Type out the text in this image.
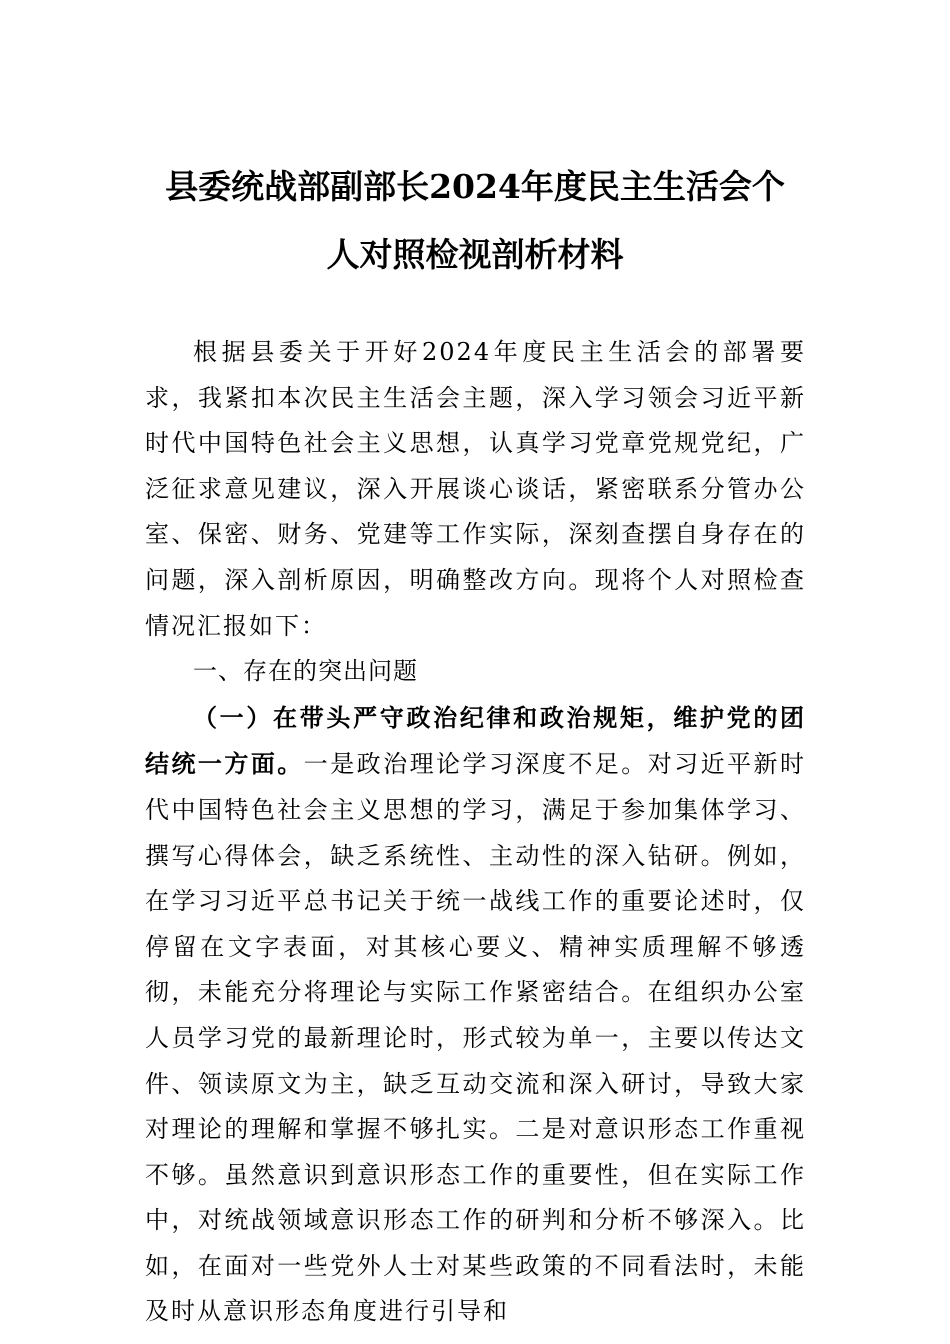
县委统战部副部长2024年度民主生活会个
人对照检视剖析材料

根据县委关于开好2024年度民主生活会的部署要求，我紧扣本次民主生活会主题，深入学习领会习近平新时代中国特色社会主义思想，认真学习党章党规党纪，广泛征求意见建议，深入开展谈心谈话，紧密联系分管办公室、保密、财务、党建等工作实际，深刻查摆自身存在的问题，深入剖析原因，明确整改方向。现将个人对照检查情况汇报如下：

一、存在的突出问题

（一）在带头严守政治纪律和政治规矩，维护党的团结统一方面。一是政治理论学习深度不足。对习近平新时代中国特色社会主义思想的学习，满足于参加集体学习、撰写心得体会，缺乏系统性、主动性的深入钻研。例如，在学习习近平总书记关于统一战线工作的重要论述时，仅停留在文字表面，对其核心要义、精神实质理解不够透彻，未能充分将理论与实际工作紧密结合。在组织办公室人员学习党的最新理论时，形式较为单一，主要以传达文件、领读原文为主，缺乏互动交流和深入研讨，导致大家对理论的理解和掌握不够扎实。二是对意识形态工作重视不够。虽然意识到意识形态工作的重要性，但在实际工作中，对统战领域意识形态工作的研判和分析不够深入。比如，在面对一些党外人士对某些政策的不同看法时，未能及时从意识形态角度进行引导和
